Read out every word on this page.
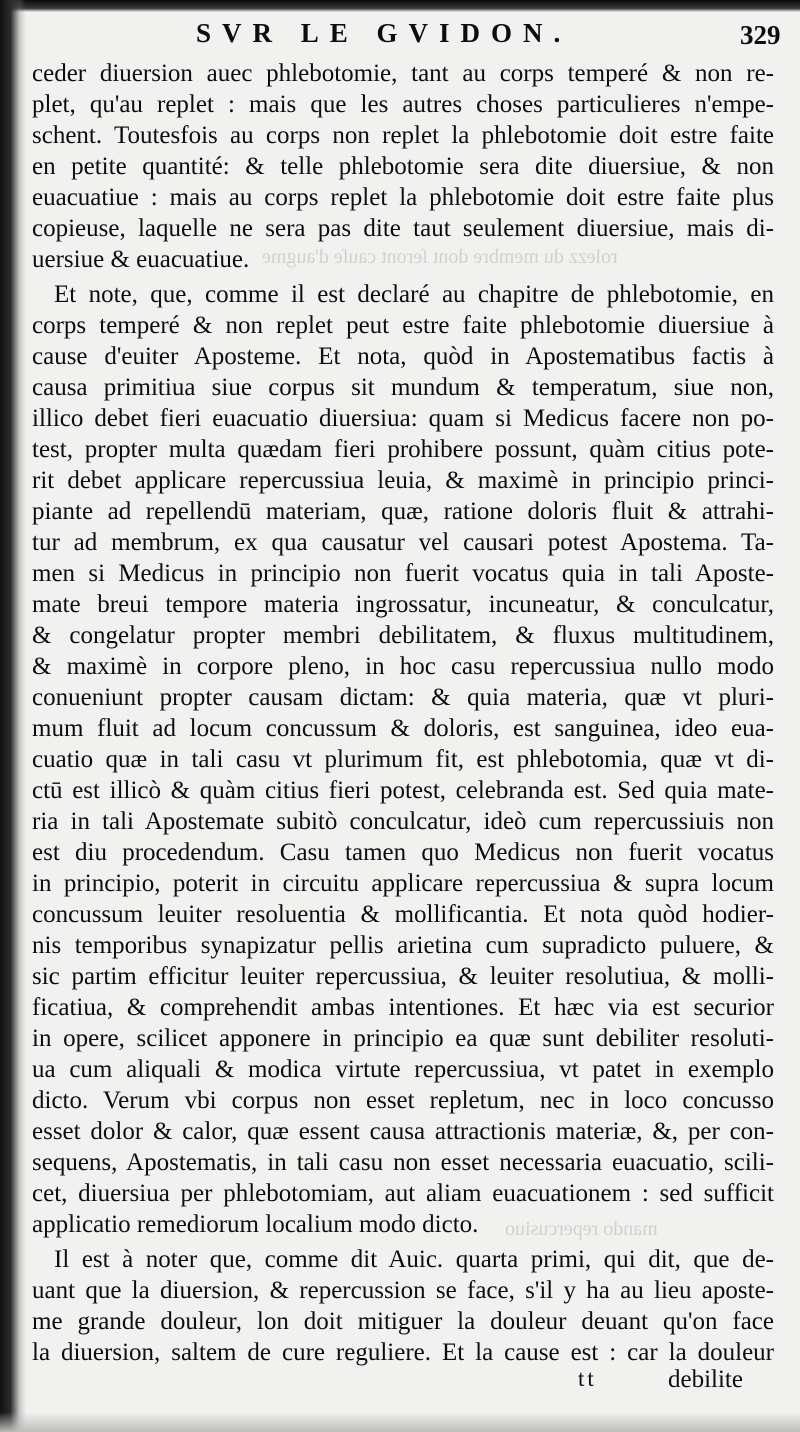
rolezz du membre dont ſeront cauſe d'augme
mando repercusiuo
SVR LE GVIDON.	329
ceder diuersion auec phlebotomie, tant au corps temperé & non re-
plet, qu'au replet : mais que les autres choses particulieres n'empe-
schent. Toutesfois au corps non replet la phlebotomie doit estre faite
en petite quantité: & telle phlebotomie sera dite diuersiue, & non
euacuatiue : mais au corps replet la phlebotomie doit estre faite plus
copieuse, laquelle ne sera pas dite taut seulement diuersiue, mais di-
uersiue & euacuatiue.
Et note, que, comme il est declaré au chapitre de phlebotomie, en
corps temperé & non replet peut estre faite phlebotomie diuersiue à
cause d'euiter Aposteme. Et nota, quòd in Apostematibus factis à
causa primitiua siue corpus sit mundum & temperatum, siue non,
illico debet fieri euacuatio diuersiua: quam si Medicus facere non po-
test, propter multa quædam fieri prohibere possunt, quàm citius pote-
rit debet applicare repercussiua leuia, & maximè in principio princi-
piante ad repellendū materiam, quæ, ratione doloris fluit & attrahi-
tur ad membrum, ex qua causatur vel causari potest Apostema. Ta-
men si Medicus in principio non fuerit vocatus quia in tali Aposte-
mate breui tempore materia ingrossatur, incuneatur, & conculcatur,
& congelatur propter membri debilitatem, & fluxus multitudinem,
& maximè in corpore pleno, in hoc casu repercussiua nullo modo
conueniunt propter causam dictam: & quia materia, quæ vt pluri-
mum fluit ad locum concussum & doloris, est sanguinea, ideo eua-
cuatio quæ in tali casu vt plurimum fit, est phlebotomia, quæ vt di-
ctū est illicò & quàm citius fieri potest, celebranda est. Sed quia mate-
ria in tali Apostemate subitò conculcatur, ideò cum repercussiuis non
est diu procedendum. Casu tamen quo Medicus non fuerit vocatus
in principio, poterit in circuitu applicare repercussiua & supra locum
concussum leuiter resoluentia & mollificantia. Et nota quòd hodier-
nis temporibus synapizatur pellis arietina cum supradicto puluere, &
sic partim efficitur leuiter repercussiua, & leuiter resolutiua, & molli-
ficatiua, & comprehendit ambas intentiones. Et hæc via est securior
in opere, scilicet apponere in principio ea quæ sunt debiliter resoluti-
ua cum aliquali & modica virtute repercussiua, vt patet in exemplo
dicto. Verum vbi corpus non esset repletum, nec in loco concusso
esset dolor & calor, quæ essent causa attractionis materiæ, &, per con-
sequens, Apostematis, in tali casu non esset necessaria euacuatio, scili-
cet, diuersiua per phlebotomiam, aut aliam euacuationem : sed sufficit
applicatio remediorum localium modo dicto.
Il est à noter que, comme dit Auic. quarta primi, qui dit, que de-
uant que la diuersion, & repercussion se face, s'il y ha au lieu aposte-
me grande douleur, lon doit mitiguer la douleur deuant qu'on face
la diuersion, saltem de cure reguliere. Et la cause est : car la douleur
tt	debilite
